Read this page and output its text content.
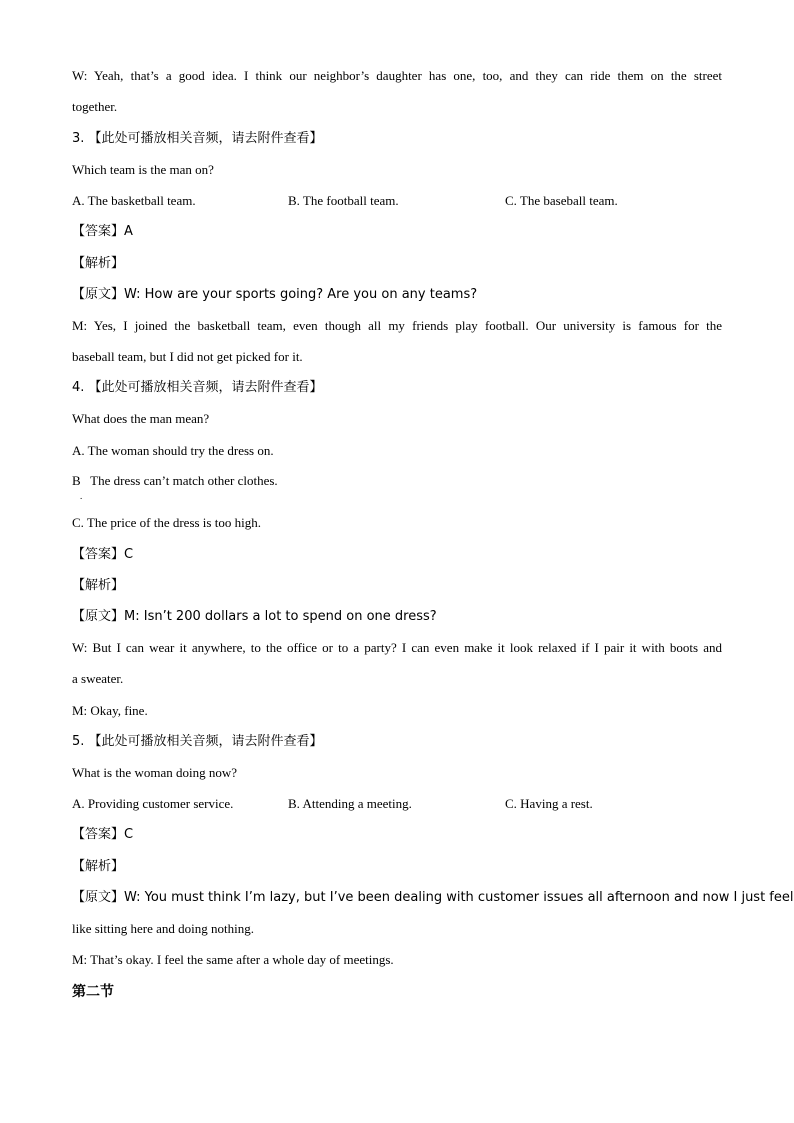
W: Yeah, that’s a good idea. I think our neighbor’s daughter has one, too, and they can ride them on the street
together.
3. 【此处可播放相关音频，请去附件查看】
Which team is the man on?
A. The basketball team.	B. The football team.	C. The baseball team.
【答案】A
【解析】
【原文】W: How are your sports going? Are you on any teams?
M: Yes, I joined the basketball team, even though all my friends play football. Our university is famous for the
baseball team, but I did not get picked for it.
4. 【此处可播放相关音频，请去附件查看】
What does the man mean?
A. The woman should try the dress on.
B   The dress can’t match other clothes.
.
C. The price of the dress is too high.
【答案】C
【解析】
【原文】M: Isn’t 200 dollars a lot to spend on one dress?
W: But I can wear it anywhere, to the office or to a party? I can even make it look relaxed if I pair it with boots and
a sweater.
M: Okay, fine.
5. 【此处可播放相关音频，请去附件查看】
What is the woman doing now?
A. Providing customer service.	B. Attending a meeting.	C. Having a rest.
【答案】C
【解析】
【原文】W: You must think I’m lazy, but I’ve been dealing with customer issues all afternoon and now I just feel
like sitting here and doing nothing.
M: That’s okay. I feel the same after a whole day of meetings.
第二节
